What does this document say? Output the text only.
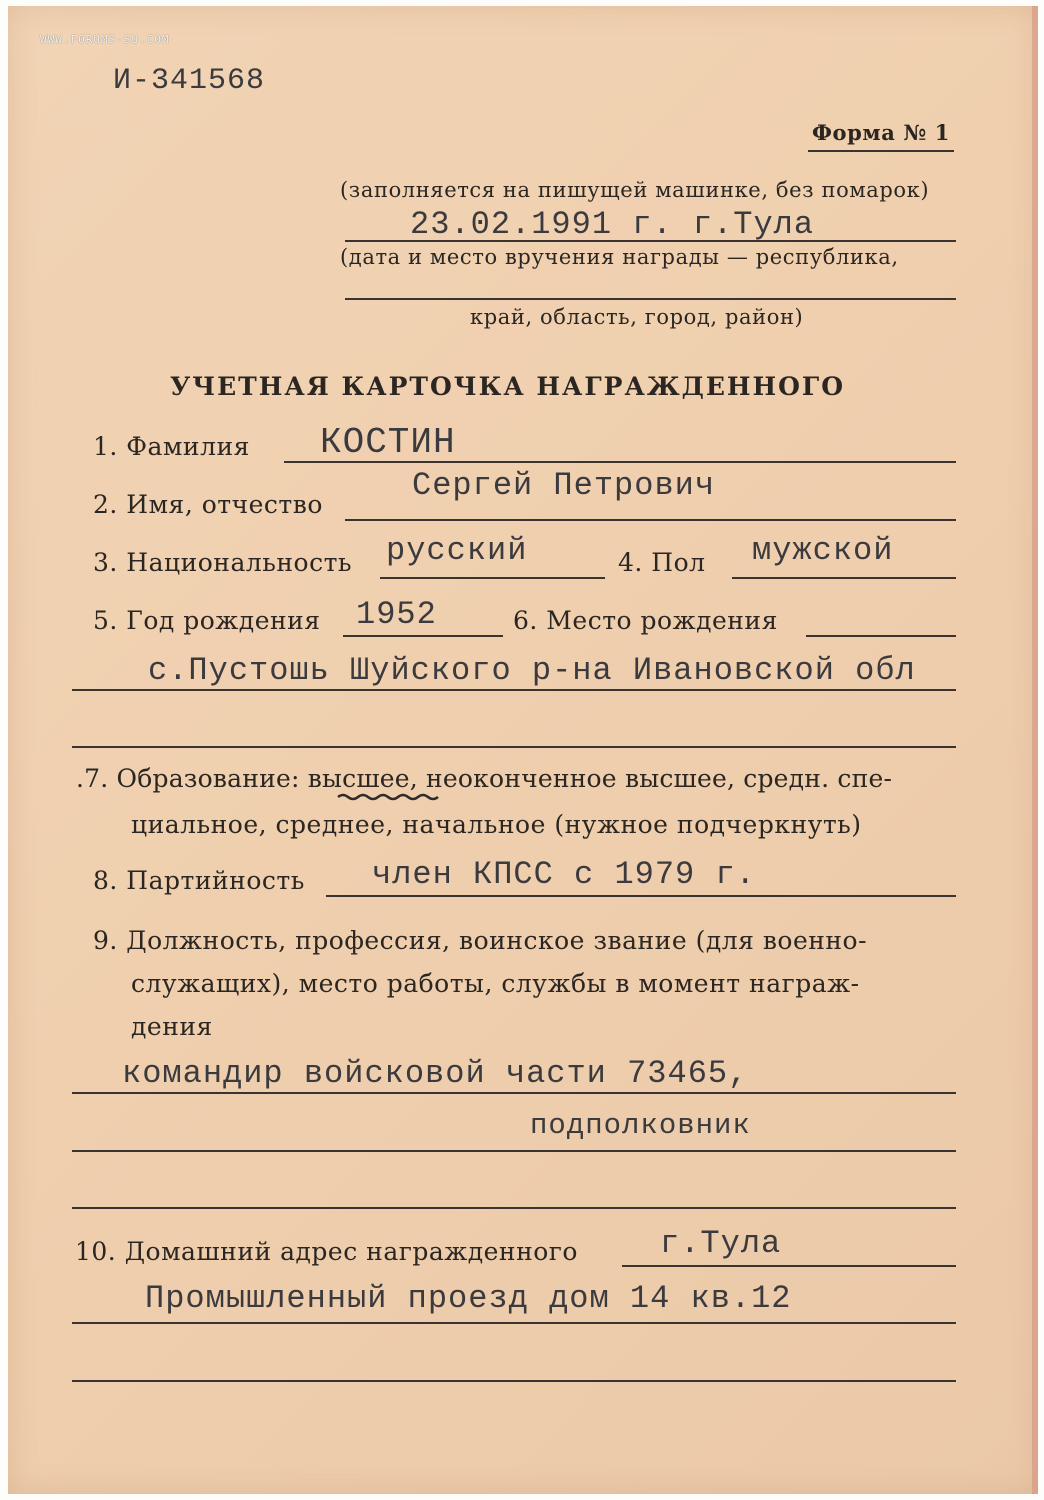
WWW.FORUMS-SU.COM
И-341568
Форма № 1
(заполняется на пишущей машинке, без помарок)
23.02.1991 г. г.Тула
(дата и место вручения награды — республика,
край, область, город, район)
УЧЕТНАЯ КАРТОЧКА НАГРАЖДЕННОГО
1. Фамилия КОСТИН
2. Имя, отчество
Сергей Петрович
3. Национальность русский	4. Пол мужской
5. Год рождения 1952	6. Место рождения
с.Пустошь Шуйского р-на Ивановской обл
.7. Образование: высшее, неоконченное высшее, средн. спе-
циальное, среднее, начальное (нужное подчеркнуть)
8. Партийность член КПСС с 1979 г.
9. Должность, профессия, воинское звание (для военно-
служащих), место работы, службы в момент награж-
дения
командир войсковой части 73465,
подполковник
10. Домашний адрес награжденного	г.Тула
Промышленный проезд дом 14 кв.12
